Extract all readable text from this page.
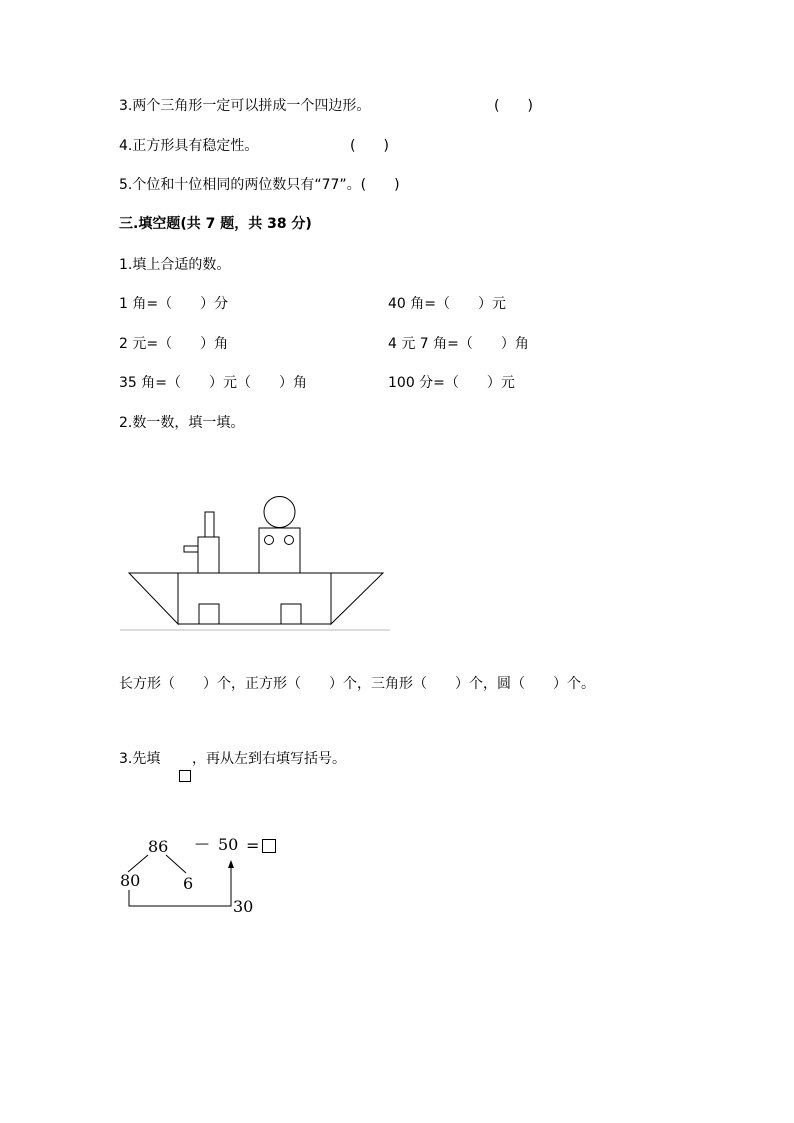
3.两个三角形一定可以拼成一个四边形。	(　　)
4.正方形具有稳定性。	(　　)
5.个位和十位相同的两位数只有“77”。(　　)
三.填空题(共 7 题，共 38 分)
1.填上合适的数。
1 角=（　　）分	40 角=（　　）元
2 元=（　　）角	4 元 7 角=（　　）角
35 角=（　　）元（　　）角	100 分=（　　）元
2.数一数，填一填。
长方形（　　）个，正方形（　　）个，三角形（　　）个，圆（　　）个。
3.先填 ，再从左到右填写括号。
86 — 50 =
80	6
30
